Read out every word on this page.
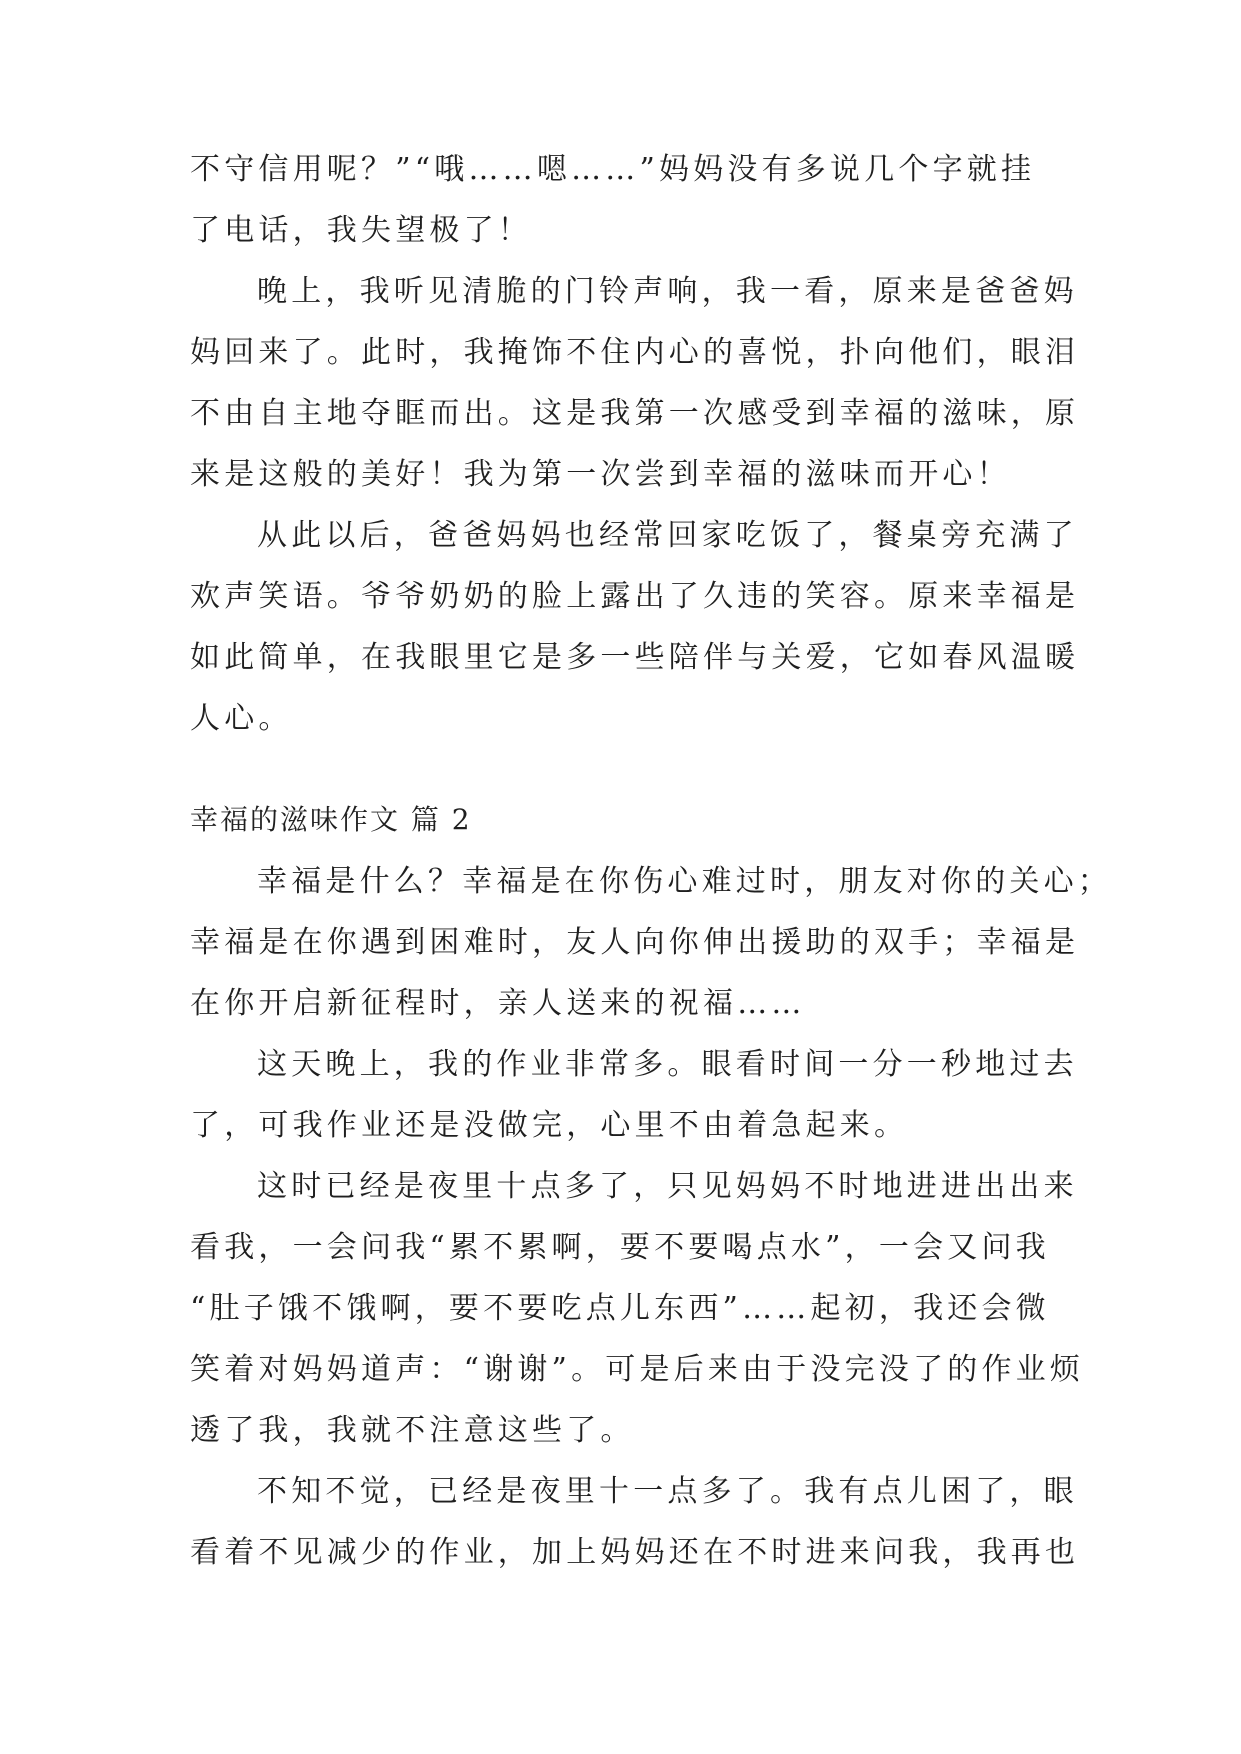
不守信用呢？”“哦……嗯……”妈妈没有多说几个字就挂

了电话，我失望极了！

晚上，我听见清脆的门铃声响，我一看，原来是爸爸妈

妈回来了。此时，我掩饰不住内心的喜悦，扑向他们，眼泪

不由自主地夺眶而出。这是我第一次感受到幸福的滋味，原

来是这般的美好！我为第一次尝到幸福的滋味而开心！

从此以后，爸爸妈妈也经常回家吃饭了，餐桌旁充满了

欢声笑语。爷爷奶奶的脸上露出了久违的笑容。原来幸福是

如此简单，在我眼里它是多一些陪伴与关爱，它如春风温暖

人心。

幸福的滋味作文 篇 2

幸福是什么？幸福是在你伤心难过时，朋友对你的关心；

幸福是在你遇到困难时，友人向你伸出援助的双手；幸福是

在你开启新征程时，亲人送来的祝福……

这天晚上，我的作业非常多。眼看时间一分一秒地过去

了，可我作业还是没做完，心里不由着急起来。

这时已经是夜里十点多了，只见妈妈不时地进进出出来

看我，一会问我“累不累啊，要不要喝点水”，一会又问我

“肚子饿不饿啊，要不要吃点儿东西”……起初，我还会微

笑着对妈妈道声：“谢谢”。可是后来由于没完没了的作业烦

透了我，我就不注意这些了。

不知不觉，已经是夜里十一点多了。我有点儿困了，眼

看着不见减少的作业，加上妈妈还在不时进来问我，我再也
